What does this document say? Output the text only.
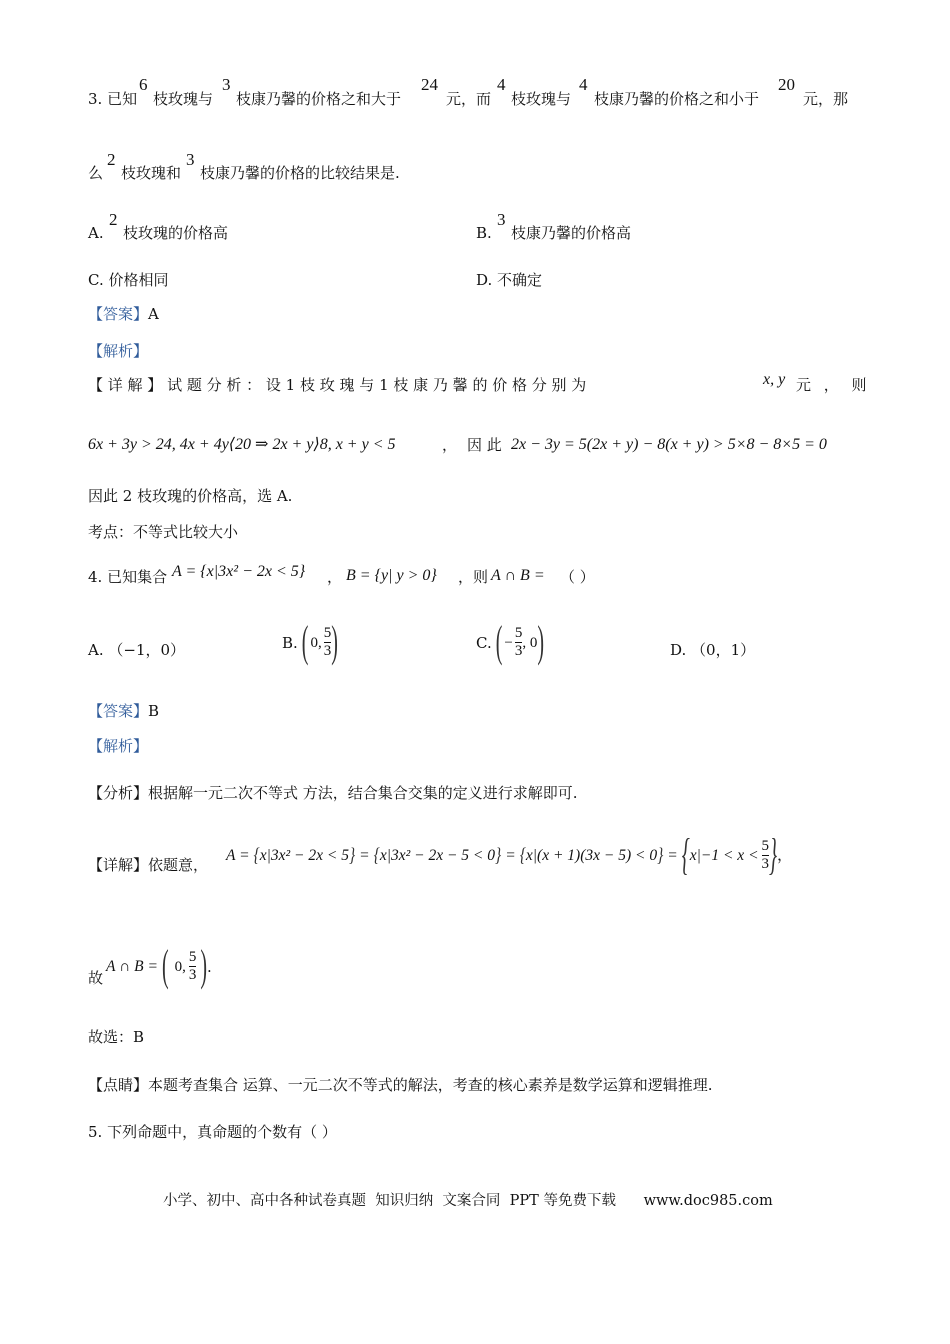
3. 已知
6
枝玫瑰与
3
枝康乃馨的价格之和大于
24
元，而
4
枝玫瑰与
4
枝康乃馨的价格之和小于
20
元，那
么
2
枝玫瑰和
3
枝康乃馨的价格的比较结果是.
A.
2
枝玫瑰的价格高	B.
3
枝康乃馨的价格高
C. 价格相同	D. 不确定
【答案】A
【解析】
【 详 解 】 试 题 分 析 ： 设 1 枝 玫 瑰 与 1 枝 康 乃 馨 的 价 格 分 别 为	x, y 元 ， 则
6x + 3y > 24, 4x + 4y⟨20 ⇒ 2x + y⟩8, x + y < 5	， 因 此 2x − 3y = 5(2x + y) − 8(x + y) > 5×8 − 8×5 = 0
因此 2 枝玫瑰的价格高，选 A.
考点：不等式比较大小
4. 已知集合 A = {x|3x² − 2x < 5} ， B = {y| y > 0} ，则 A ∩ B = （ ）
A. （−1，0）	B. ( 0, $\frac{5}{3}$ )	C. ( − $\frac{5}{3}$ , 0 )	D. （0，1）
【答案】B
【解析】
【分析】根据解一元二次不等式 方法，结合集合交集的定义进行求解即可.
【详解】依题意，
A = { x|3x² − 2x < 5 } = { x|3x² − 2x − 5 < 0 } = { x|(x + 1)(3x − 5) < 0 } = { $x|-1 < x < \frac{5}{3}$ } ，
故
A ∩ B = ( 0, $\frac{5}{3}$ ) .
故选：B
【点睛】本题考查集合 运算、一元二次不等式的解法，考查的核心素养是数学运算和逻辑推理.
5. 下列命题中，真命题的个数有（ ）
小学、初中、高中各种试卷真题  知识归纳  文案合同  PPT 等免费下载      www.doc985.com
